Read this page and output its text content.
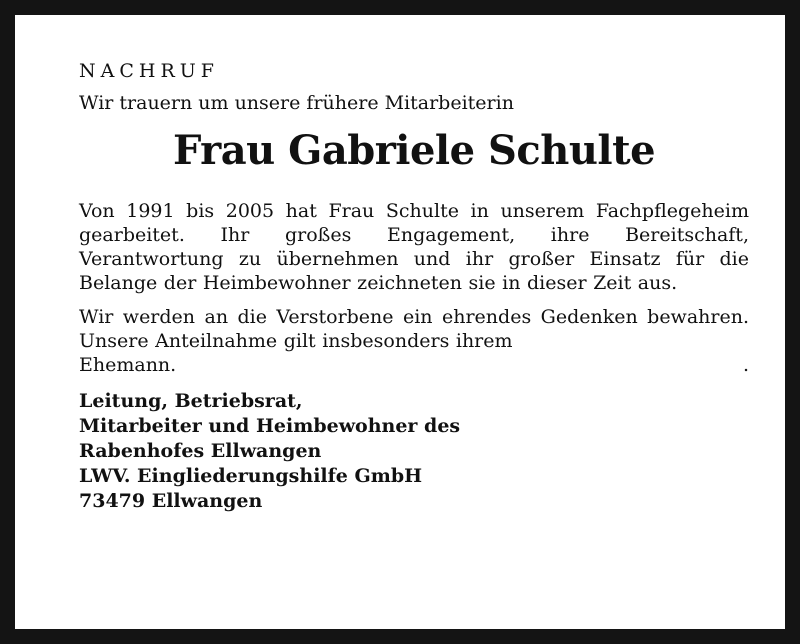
NACHRUF
Wir trauern um unsere frühere Mitarbeiterin
Frau Gabriele Schulte
Von 1991 bis 2005 hat Frau Schulte in unserem Fachpflegeheim gearbeitet. Ihr großes Engagement, ihre Bereitschaft, Verantwortung zu übernehmen und ihr großer Einsatz für die Belange der Heimbewohner zeichneten sie in dieser Zeit aus.
Wir werden an die Verstorbene ein ehrendes Gedenken bewahren. Unsere Anteilnahme gilt insbesonders ihrem
Ehemann.	.
Leitung, Betriebsrat,
Mitarbeiter und Heimbewohner des
Rabenhofes Ellwangen
LWV. Eingliederungshilfe GmbH
73479 Ellwangen
